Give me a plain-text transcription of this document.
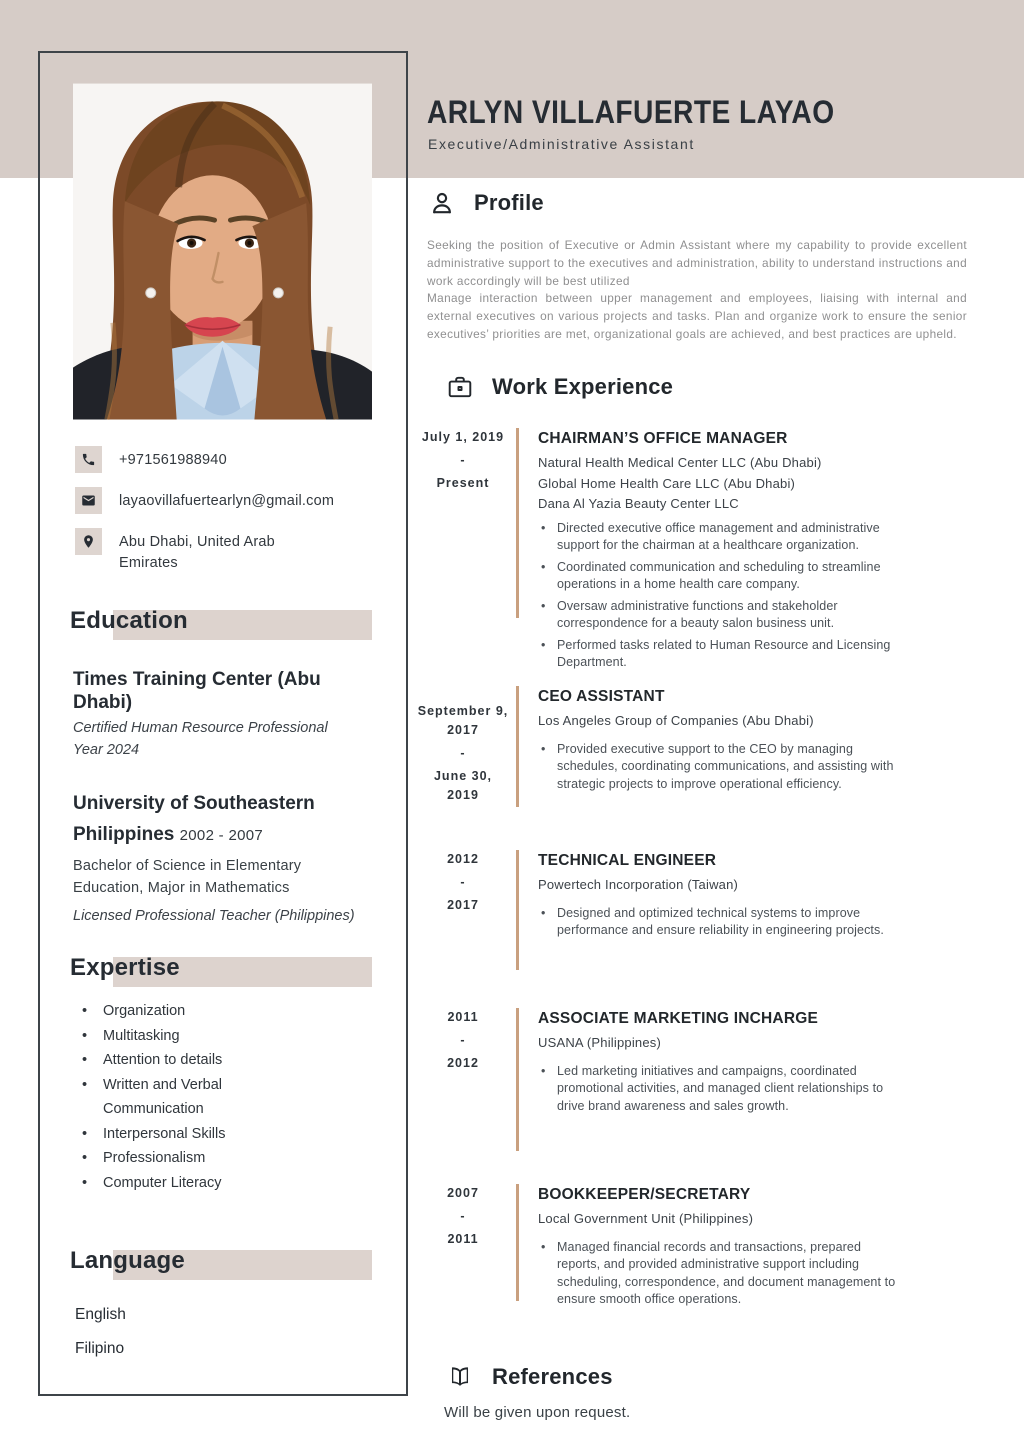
+971561988940
layaovillafuertearlyn@gmail.com
Abu Dhabi, United Arab Emirates
Education
Times Training Center (Abu Dhabi)
Certified Human Resource Professional
Year 2024
University of Southeastern Philippines 2002 - 2007
Bachelor of Science in Elementary Education, Major in Mathematics
Licensed Professional Teacher (Philippines)
Expertise
• Organization
• Multitasking
• Attention to details
• Written and Verbal Communication
• Interpersonal Skills
• Professionalism
• Computer Literacy
Language

English

Filipino

ARLYN VILLAFUERTE LAYAO
Executive/Administrative Assistant
Profile

Seeking the position of Executive or Admin Assistant where my capability to provide excellent administrative support to the executives and administration, ability to understand instructions and work accordingly will be best utilized

Manage interaction between upper management and employees, liaising with internal and external executives on various projects and tasks. Plan and organize work to ensure the senior executives’ priorities are met, organizational goals are achieved, and best practices are upheld.

Work Experience

July 1, 2019

-

Present

CHAIRMAN’S OFFICE MANAGER
Natural Health Medical Center LLC (Abu Dhabi)
Global Home Health Care LLC (Abu Dhabi)
Dana Al Yazia Beauty Center LLC
• Directed executive office management and administrative support for the chairman at a healthcare organization.
• Coordinated communication and scheduling to streamline operations in a home health care company.
• Oversaw administrative functions and stakeholder correspondence for a beauty salon business unit.
• Performed tasks related to Human Resource and Licensing Department.

September 9, 2017

-

June 30, 2019

CEO ASSISTANT
Los Angeles Group of Companies (Abu Dhabi)
• Provided executive support to the CEO by managing schedules, coordinating communications, and assisting with strategic projects to improve operational efficiency.

2012

-

2017

TECHNICAL ENGINEER
Powertech Incorporation (Taiwan)
• Designed and optimized technical systems to improve performance and ensure reliability in engineering projects.

2011

-

2012

ASSOCIATE MARKETING INCHARGE
USANA (Philippines)
• Led marketing initiatives and campaigns, coordinated promotional activities, and managed client relationships to drive brand awareness and sales growth.

2007

-

2011

BOOKKEEPER/SECRETARY
Local Government Unit (Philippines)
• Managed financial records and transactions, prepared reports, and provided administrative support including scheduling, correspondence, and document management to ensure smooth office operations.
References
Will be given upon request.
